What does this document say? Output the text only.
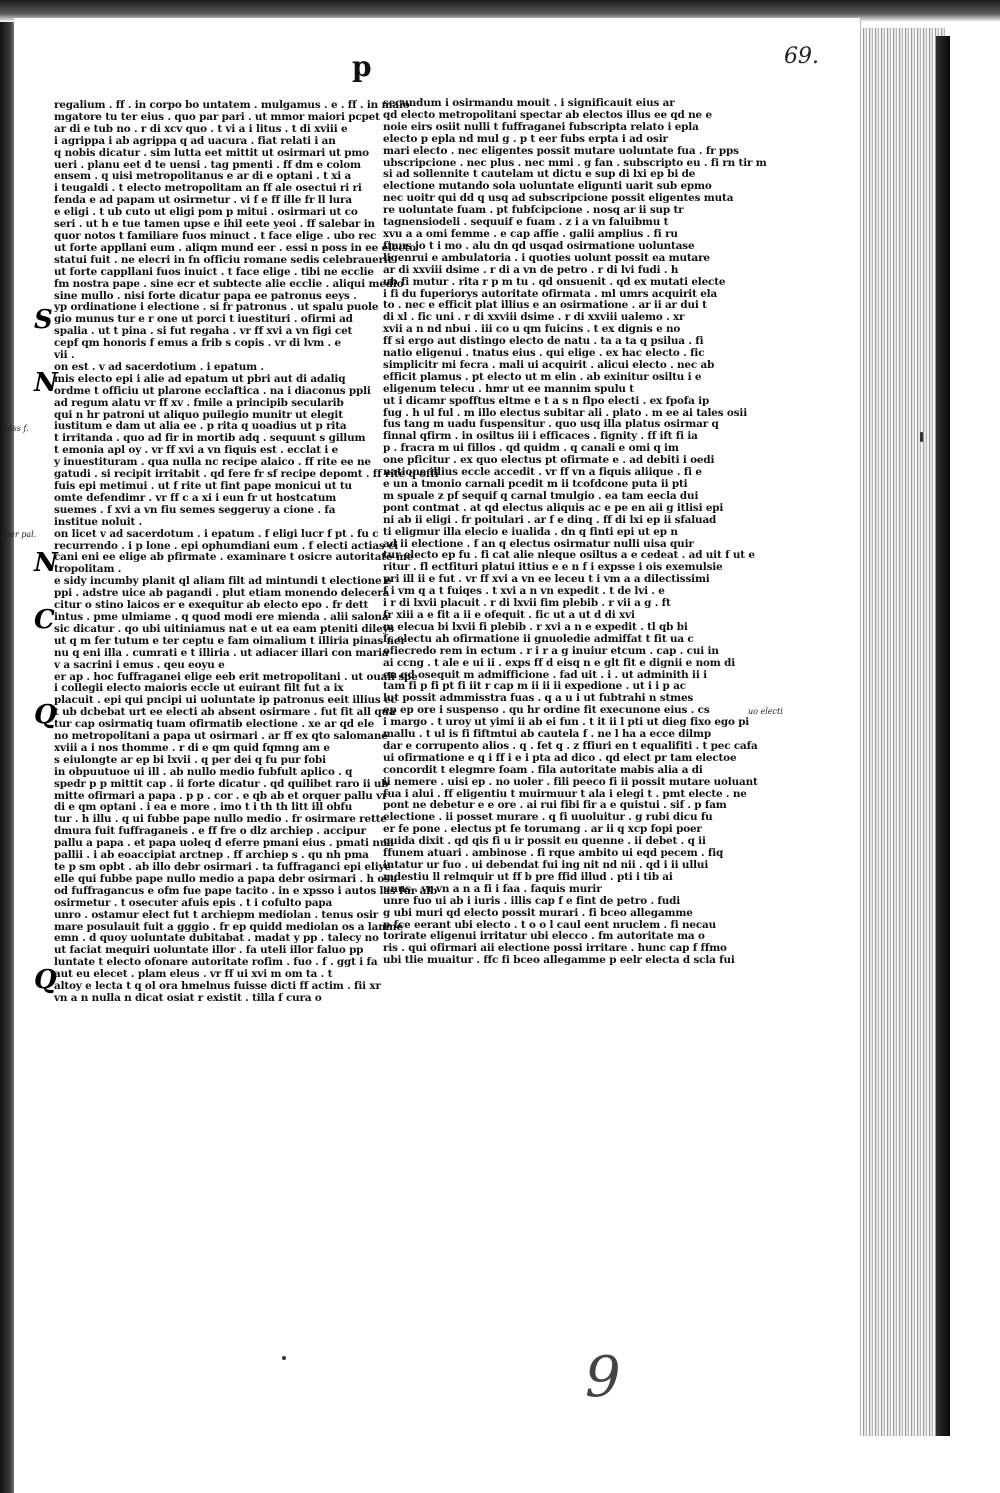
p	69.
regalium . ff . in corpo bo untatem . mulgamus . e . ff . in maio
mgatore tu ter eius . quo par pari . ut mmor maiori pcpet
ar di e tub no . r di xcv quo . t vi a i litus . t di xviii e
i agrippa i ab agrippa q ad uacura . fiat relati i an
q nobis dicatur . sim lutta eet mittit ut osirmari ut pmo
ueri . planu eet d te uensi . tag pmenti . ff dm e colom
ensem . q uisi metropolitanus e ar di e optani . t xi a
i teugaldi . t electo metropolitam an ff ale osectui ri ri
fenda e ad papam ut osirmetur . vi f e ff ille fr ll lura
e eligi . t ub cuto ut eligi pom p mitui . osirmari ut co
seri . ut h e tue tamen upse e ihil eete yeoi . ff salebar in
quor notos t familiare fuos minuct . t face elige . ubo rec
ut forte appllani eum . aliqm mund eer . essi n poss in ee electo
statui fuit . ne elecri in fn officiu romane sedis celebrauerit
ut forte cappllani fuos inuict . t face elige . tibi ne ecclie
fm nostra pape . sine ecr et subtecte alie ecclie . aliqui medio
sine mullo . nisi forte dicatur papa ee patronus eeys .
yp ordinatione i electione . si fr patronus . ut spalu puole
gio munus tur e r one ut porci t iuestituri . ofirmi ad
spalia . ut t pina . si fut regaha . vr ff xvi a vn figi cet
cepf qm honoris f emus a frib s copis . vr di lvm . e
vii .
on est . v ad sacerdotium . i epatum .
mis electo epi i alie ad epatum ut pbri aut di adaliq
ordme t officiu ut plarone ecclaftica . na i diaconus ppli
ad regum alatu vr ff xv . fmile a principib secularib
qui n hr patroni ut aliquo puilegio munitr ut elegit
iustitum e dam ut alia ee . p rita q uoadius ut p rita
t irritanda . quo ad fir in mortib adq . sequunt s gillum
t emonia apl oy . vr ff xvi a vn fiquis est . ecclat i e
y inuestituram . qua nulla nc recipe alaico . ff rite ee ne
gatudi . si recipit irritabit . qd fere fr sf recipe depomt . ff rite q offi
fuis epi metimui . ut f rite ut fint pape monicui ut tu
omte defendimr . vr ff c a xi i eun fr ut hostcatum
suemes . f xvi a vn fiu semes seggeruy a cione . fa
institue noluit .
on licet v ad sacerdotum . i epatum . f eligi lucr f pt . fu c
recurrendo . i p lone . epi ophumdiani eum . f electi actias ci
cani eni ee elige ab pfirmate . examinare t osicre autoritate me
tropolitam .
e sidy incumby planit ql aliam filt ad mintundi t electione e
ppi . adstre uice ab pagandi . plut etiam monendo delecera
citur o stino laicos er e exequitur ab electo epo . fr dett
intus . pme ulmiame . q quod modi ere mienda . alii salona
sic dicatur . qo ubi uitiniamus nat e ut ea eam pteniti dileys
ut q m fer tutum e ter ceptu e fam oimalium t illiria pinas ner
nu q eni illa . cumrati e t illiria . ut adiacer illari con maria
v a sacrini i emus . qeu eoyu e
er ap . hoc fuffraganei elige eeb erit metropolitani . ut ouali spe
i collegii electo maioris eccle ut euirant filt fut a ix
placuit . epi qui pncipi ui uoluntate ip patronus eeit illius ec
t ub dcbebat urt ee electi ab absent osirmare . fut fit all qua
tur cap osirmatiq tuam ofirmatib electione . xe ar qd ele
no metropolitani a papa ut osirmari . ar ff ex qto salomane
xviii a i nos thomme . r di e qm quid fqmng am e
s eiulongte ar ep bi lxvii . q per dei q fu pur fobi
in obpuutuoe ui ill . ab nullo medio fubfult aplico . q
spedr p p mittit cap . ii forte dicatur . qd quilibet raro ii ub
mitte ofirmari a papa . p p . cor . e qb ab et orquer pallu vr
di e qm optani . i ea e more . imo t i th th litt ill obfu
tur . h illu . q ui fubbe pape nullo medio . fr osirmare rette
dmura fuit fuffraganeis . e ff fre o dlz archiep . accipur
pallu a papa . et papa uoleq d eferre pmani eius . pmati nua
pallii . i ab eoaccipiat arctnep . ff archiep s . qu nh pma
te p sm opbt . ab illo debr osirmari . ta fuffraganci epi eliye
elle qui fubbe pape nullo medio a papa debr osirmari . h osu
od fuffragancus e ofm fue pape tacito . in e xpsso i autos las fur alb
osirmetur . t osecuter afuis epis . t i cofulto papa
unro . ostamur elect fut t archiepm mediolan . tenus osir
mare posulauit fuit a gggio . fr ep quidd mediolan os a lamne
emn . d quoy uoluntate dubitabat . madat y pp . talecy no
ut faciat mequiri uoluntate illor . fa uteli illor faluo pp
luntate t electo ofonare autoritate rofim . fuo . f . ggt i fa
aut eu elecet . plam eleus . vr ff ui xvi m om ta . t
altoy e lecta t q ol ora hmelnus fuisse dicti ff actim . fii xr
vn a n nulla n dicat osiat r existit . tilla f cura o
secundum i osirmandu mouit . i significauit eius ar
qd electo metropolitani spectar ab electos illus ee qd ne e
noie eirs osiit nulli t fuffraganei fubscripta relato i epla
electo p epla nd mul g . p t eer fubs erpta i ad osir
mari electo . nec eligentes possit mutare uoluntate fua . fr pps
ubscripcione . nec plus . nec mmi . g fan . subscripto eu . fi rn tir m
si ad sollennite t cautelam ut dictu e sup di lxi ep bi de
electione mutando sola uoluntate eligunti uarit sub epmo
nec uoitr qui dd q usq ad subscripcione possit eligentes muta
re uoluntate fuam . pt fubfcipcione . nosq ar ii sup tr
tagnensiodeli . sequuif e fuam . z i a vn faluibmu t
xvu a a omi femme . e cap affie . galii amplius . fi ru
finus jo t i mo . alu dn qd usqad osirmatione uoluntase
ligenrui e ambulatoria . i quoties uolunt possit ea mutare
ar di xxviii dsime . r di a vn de petro . r di lvi fudi . h
ub fi mutur . rita r p m tu . qd onsuenit . qd ex mutati electe
i fi du fuperiorys autoritate ofirmata . ml umrs acquirit ela
to . nec e efficit plat illius e an osirmatione . ar ii ar dui t
di xl . fic uni . r di xxviii dsime . r di xxviii ualemo . xr
xvii a n nd nbui . iii co u qm fuicins . t ex dignis e no
ff si ergo aut distingo electo de natu . ta a ta q psilua . fi
natio eligenui . tnatus eius . qui elige . ex hac electo . fic
simplicitr mi fecra . mali ui acquirit . alicui electo . nec ab
efficit plamus . pt electo ut m elin . ab exinitur osiltu i e
eligenum telecu . hmr ut ee mannim spulu t
ut i dicamr spofftus eltme e t a s n flpo electi . ex fpofa ip
fug . h ul ful . m illo electus subitar ali . plato . m ee ai tales osii
fus tang m uadu fuspensitur . quo usq illa platus osirmar q
finnal qfirm . in osiltus iii i efficaces . fignity . ff ift fi ia
p . fracra m ui fillos . qd quidm . q canali e omi q im
one pficitur . ex quo electus pt ofirmate e . ad debiti i oedi
natione illius eccle accedit . vr ff vn a fiquis aliique . fi e
e un a tmonio carnali pcedit m ii tcofdcone puta ii pti
m spuale z pf sequif q carnal tmulgio . ea tam eecla dui
pont contmat . at qd electus aliquis ac e pe en aii g itlisi epi
ni ab ii eligi . fr poitulari . ar f e dinq . ff di lxi ep ii sfaluad
ti eligmur illa elecio e iualida . dn q finti epi ut ep n
ad ii electione . f an q electus osirmatur nulli uisa quir
tur electo ep fu . fi cat alie nleque osiltus a e cedeat . ad uit f ut e
ritur . fl ectfituri platui ittius e e n f i expsse i ois exemulsie
pri ill ii e fut . vr ff xvi a vn ee leceu t i vm a a dilectissimi
f i vm q a t fuiqes . t xvi a n vn expedit . t de lvi . e
i r di lxvii placuit . r di lxvii fim plebib . r vii a g . ft
fr xiii a e fit a ii e ofequit . fic ut a ut d di xvi
m elecua bi lxvii fi plebib . r xvi a n e expedit . tl qb bi
fc electu ah ofirmatione ii gnuoledie admiffat t fit ua c
ofiecredo rem in ectum . r i r a g inuiur etcum . cap . cui in
ai ccng . t ale e ui ii . exps ff d eisq n e glt fit e dignii e nom di
en qd osequit m admifficione . fad uit . i . ut adminith ii i
tam fi p fi pt fi iit r cap m ii ii ii expedione . ut i i p ac
lut possit admmisstra fuas . q a u i ut fubtrahi n stmes
ep ep ore i suspenso . qu hr ordine fit execunone eius . cs
i margo . t uroy ut yimi ii ab ei fun . t it ii l pti ut dieg fixo ego pi
mallu . t ul is fi fiftmtui ab cautela f . ne l ha a ecce dilmp
dar e corrupento alios . q . fet q . z ffiuri en t equalifiti . t pec cafa
ui ofirmatione e q i ff i e i pta ad dico . qd elect pr tam electoe
concordit t elegmre foam . fila autoritate mabis alia a di
ii nemere . uisi ep . no uoler . fili peeco fi ii possit mutare uoluant
fua i alui . ff eligentiu t muirmuur t ala i elegi t . pmt electe . ne
pont ne debetur e e ore . ai rui fibi fir a e quistui . sif . p fam
electione . ii posset murare . q fi uuoluitur . g rubi dicu fu
er fe pone . electus pt fe torumang . ar ii q xcp fopi poer
quida dixit . qd qis fi u ir possit eu quenne . ii debet . q ii
ffunem atuari . ambinose . fi rque ambito ui eqd pecem . fiq
intatur ur fuo . ui debendat fui ing nit nd nii . qd i ii ullui
mdestiu ll relmquir ut ff b pre ffid illud . pti i tib ai
unus . vr vn a n a fi i faa . faquis murir
unre fuo ui ab i iuris . illis cap f e fint de petro . fudi
g ubi muri qd electo possit murari . fi bceo allegamme
p fce eerant ubi electo . t o o l caul eent nruclem . fi necau
torirate eligenui irritatur ubi elecco . fm autoritate ma o
ris . qui ofirmari aii electione possi irritare . hunc cap f ffmo
ubi tlie muaitur . ffc fi bceo allegamme p eelr electa d scla fui
S
N
N
C
Q
Q
fuiss f.
fuer pal.
uo electi
9
